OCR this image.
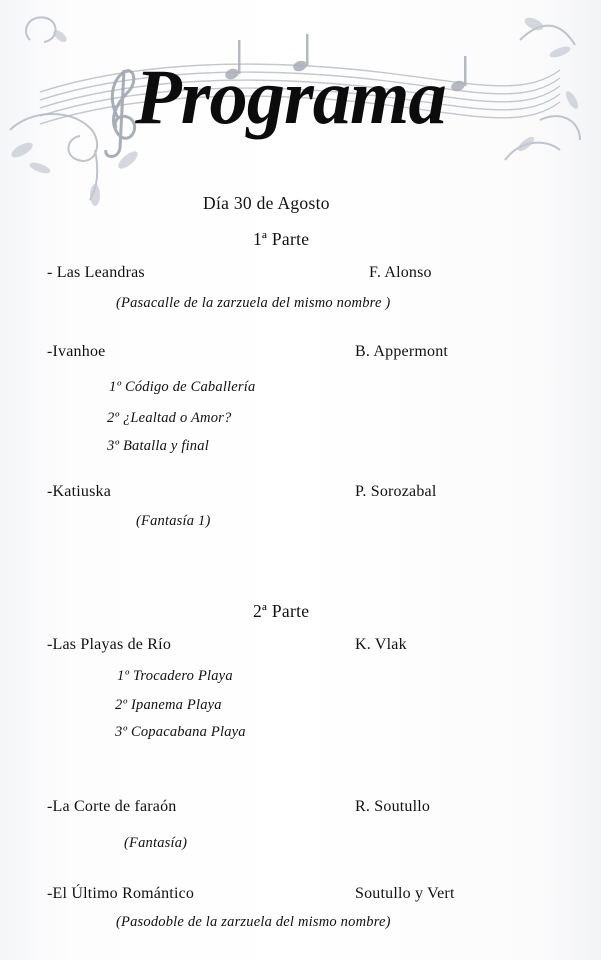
Programa
Día 30 de Agosto
1ª Parte
- Las Leandras	F. Alonso
(Pasacalle de la zarzuela del mismo nombre )
-Ivanhoe	B. Appermont
1º Código de Caballería
2º ¿Lealtad o Amor?
3º Batalla y final
-Katiuska	P. Sorozabal
(Fantasía 1)
2ª Parte
-Las Playas de Río	K. Vlak
1º Trocadero Playa
2º Ipanema Playa
3º Copacabana Playa
-La Corte de faraón	R. Soutullo
(Fantasía)
-El Último Romántico	Soutullo y Vert
(Pasodoble de la zarzuela del mismo nombre)
